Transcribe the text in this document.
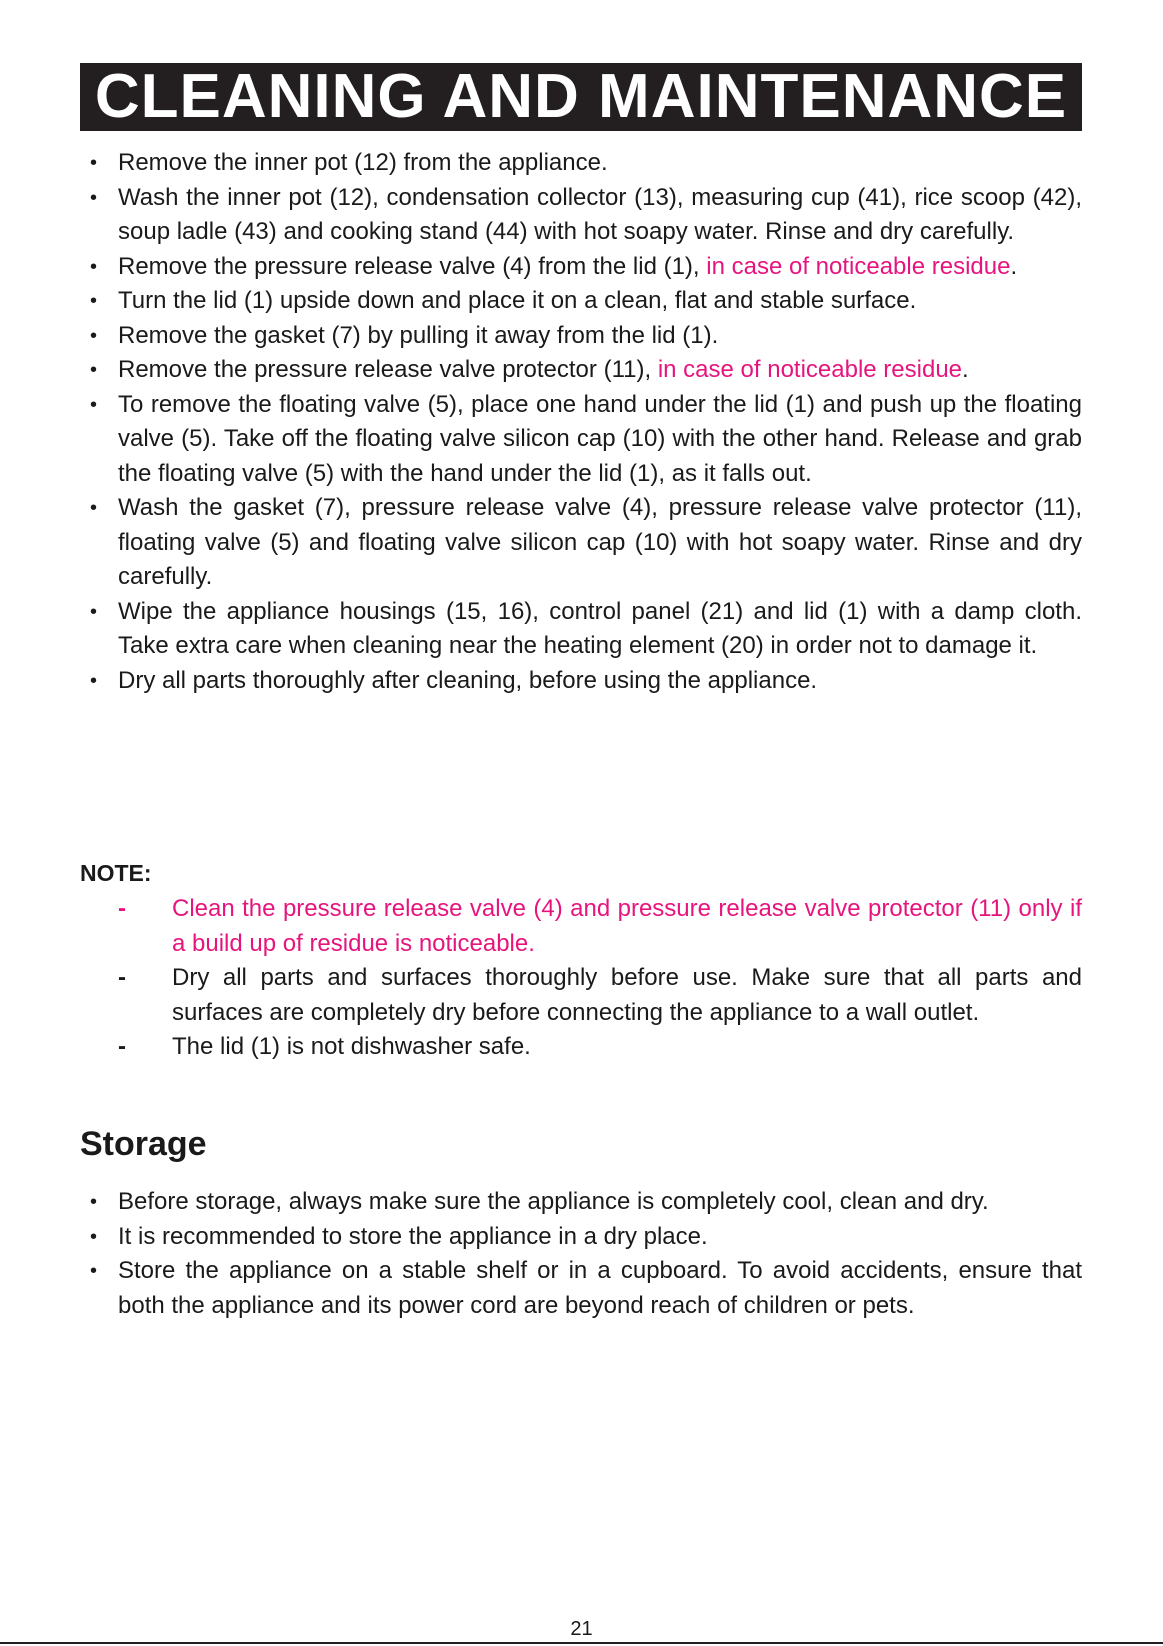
CLEANING AND MAINTENANCE
• Remove the inner pot (12) from the appliance.
• Wash the inner pot (12), condensation collector (13), measuring cup (41), rice scoop (42), soup ladle (43) and cooking stand (44) with hot soapy water. Rinse and dry carefully.
• Remove the pressure release valve (4) from the lid (1), in case of noticeable residue.
• Turn the lid (1) upside down and place it on a clean, flat and stable surface.
• Remove the gasket (7) by pulling it away from the lid (1).
• Remove the pressure release valve protector (11), in case of noticeable residue.
• To remove the floating valve (5), place one hand under the lid (1) and push up the floating valve (5). Take off the floating valve silicon cap (10) with the other hand. Release and grab the floating valve (5) with the hand under the lid (1), as it falls out.
• Wash the gasket (7), pressure release valve (4), pressure release valve protector (11), floating valve (5) and floating valve silicon cap (10) with hot soapy water. Rinse and dry carefully.
• Wipe the appliance housings (15, 16), control panel (21) and lid (1) with a damp cloth. Take extra care when cleaning near the heating element (20) in order not to damage it.
• Dry all parts thoroughly after cleaning, before using the appliance.
NOTE:
- Clean the pressure release valve (4) and pressure release valve protector (11) only if a build up of residue is noticeable.
- Dry all parts and surfaces thoroughly before use. Make sure that all parts and surfaces are completely dry before connecting the appliance to a wall outlet.
- The lid (1) is not dishwasher safe.
Storage
• Before storage, always make sure the appliance is completely cool, clean and dry.
• It is recommended to store the appliance in a dry place.
• Store the appliance on a stable shelf or in a cupboard. To avoid accidents, ensure that both the appliance and its power cord are beyond reach of children or pets.
21
